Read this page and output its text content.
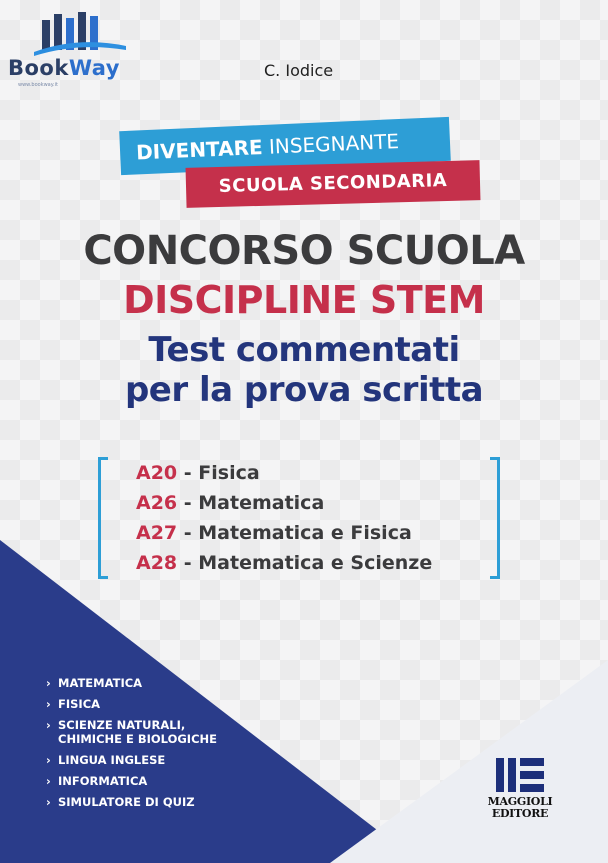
BookWay
www.bookway.it
C. Iodice
DIVENTARE INSEGNANTE
SCUOLA SECONDARIA
CONCORSO SCUOLA
DISCIPLINE STEM
Test commentati
per la prova scritta
A20 - Fisica
A26 - Matematica
A27 - Matematica e Fisica
A28 - Matematica e Scienze
› MATEMATICA
› FISICA
› SCIENZE NATURALI,
CHIMICHE E BIOLOGICHE
› LINGUA INGLESE
› INFORMATICA
› SIMULATORE DI QUIZ	MAGGIOLI
EDITORE
